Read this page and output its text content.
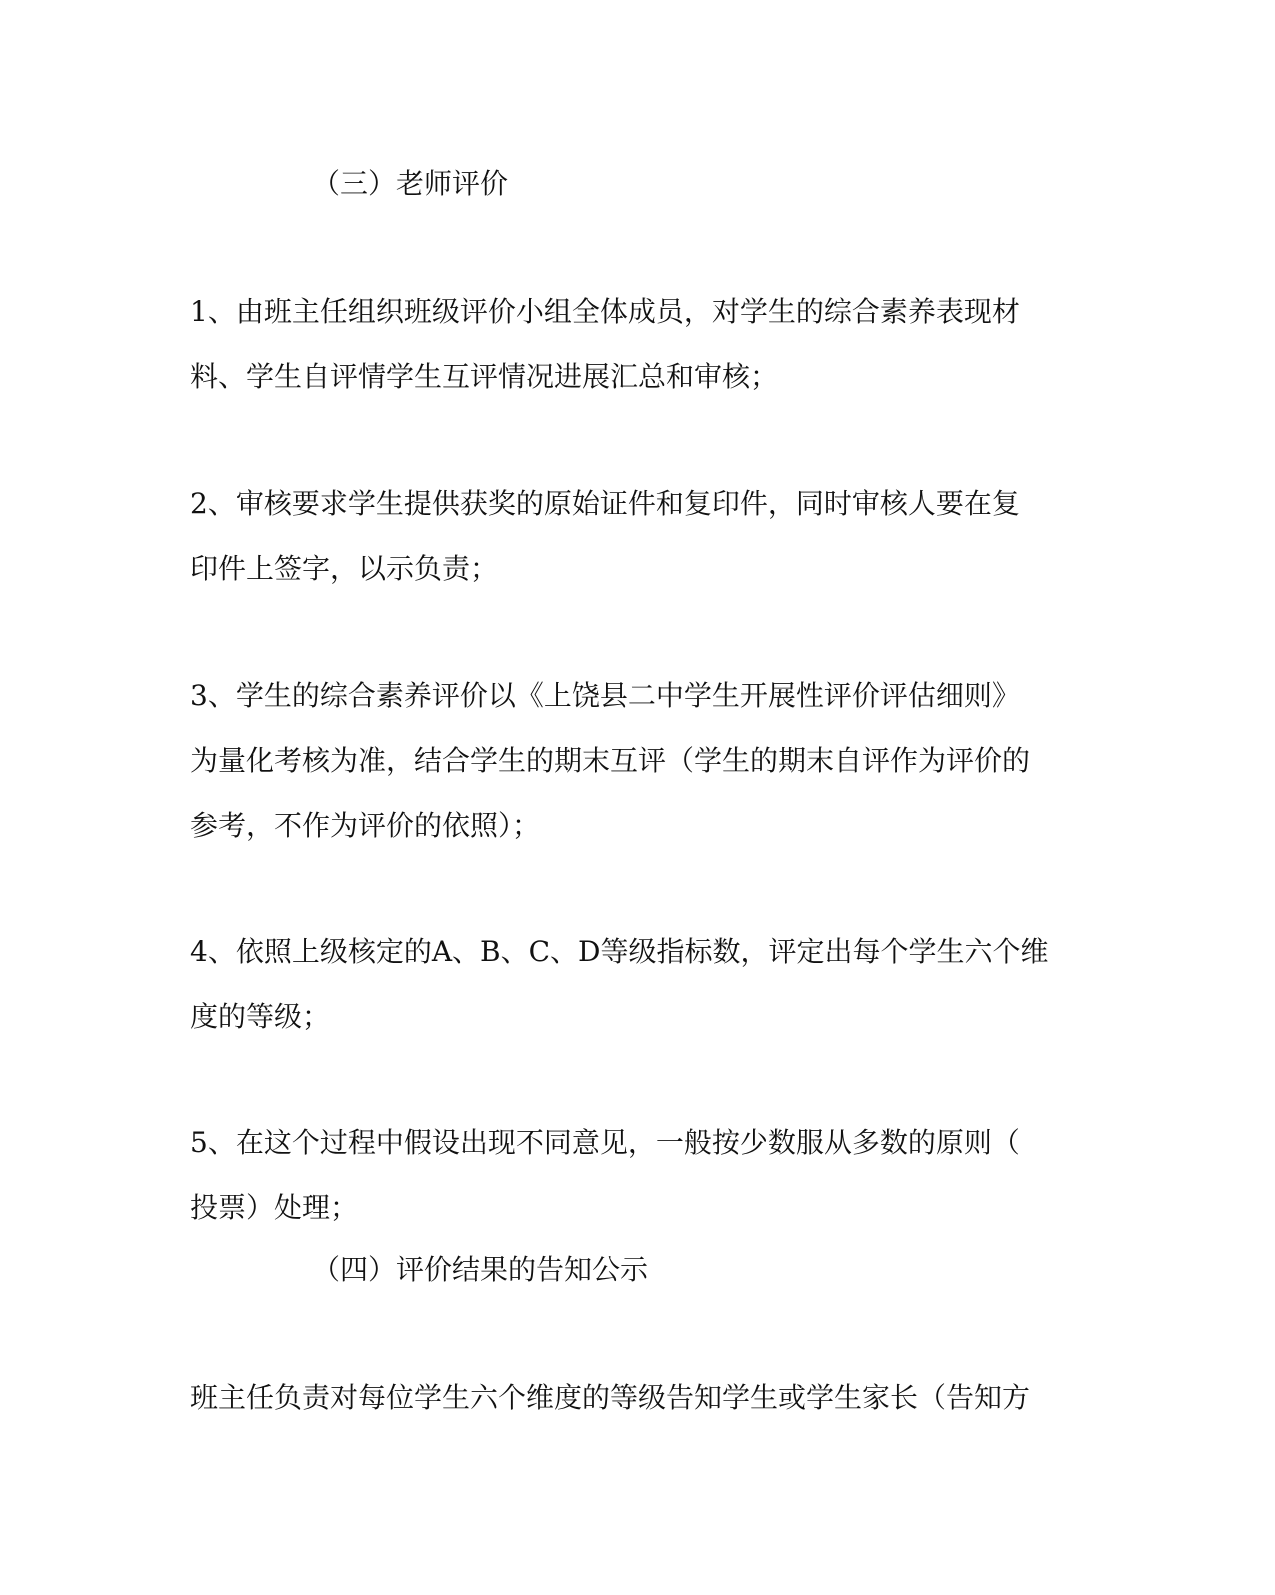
（三）老师评价

1、由班主任组织班级评价小组全体成员，对学生的综合素养表现材

料、学生自评情学生互评情况进展汇总和审核；

2、审核要求学生提供获奖的原始证件和复印件，同时审核人要在复

印件上签字，以示负责；

3、学生的综合素养评价以《上饶县二中学生开展性评价评估细则》

为量化考核为准，结合学生的期末互评（学生的期末自评作为评价的

参考，不作为评价的依照）；

4、依照上级核定的A、B、C、D等级指标数，评定出每个学生六个维

度的等级；

5、在这个过程中假设出现不同意见，一般按少数服从多数的原则（

投票）处理；

（四）评价结果的告知公示

班主任负责对每位学生六个维度的等级告知学生或学生家长（告知方
